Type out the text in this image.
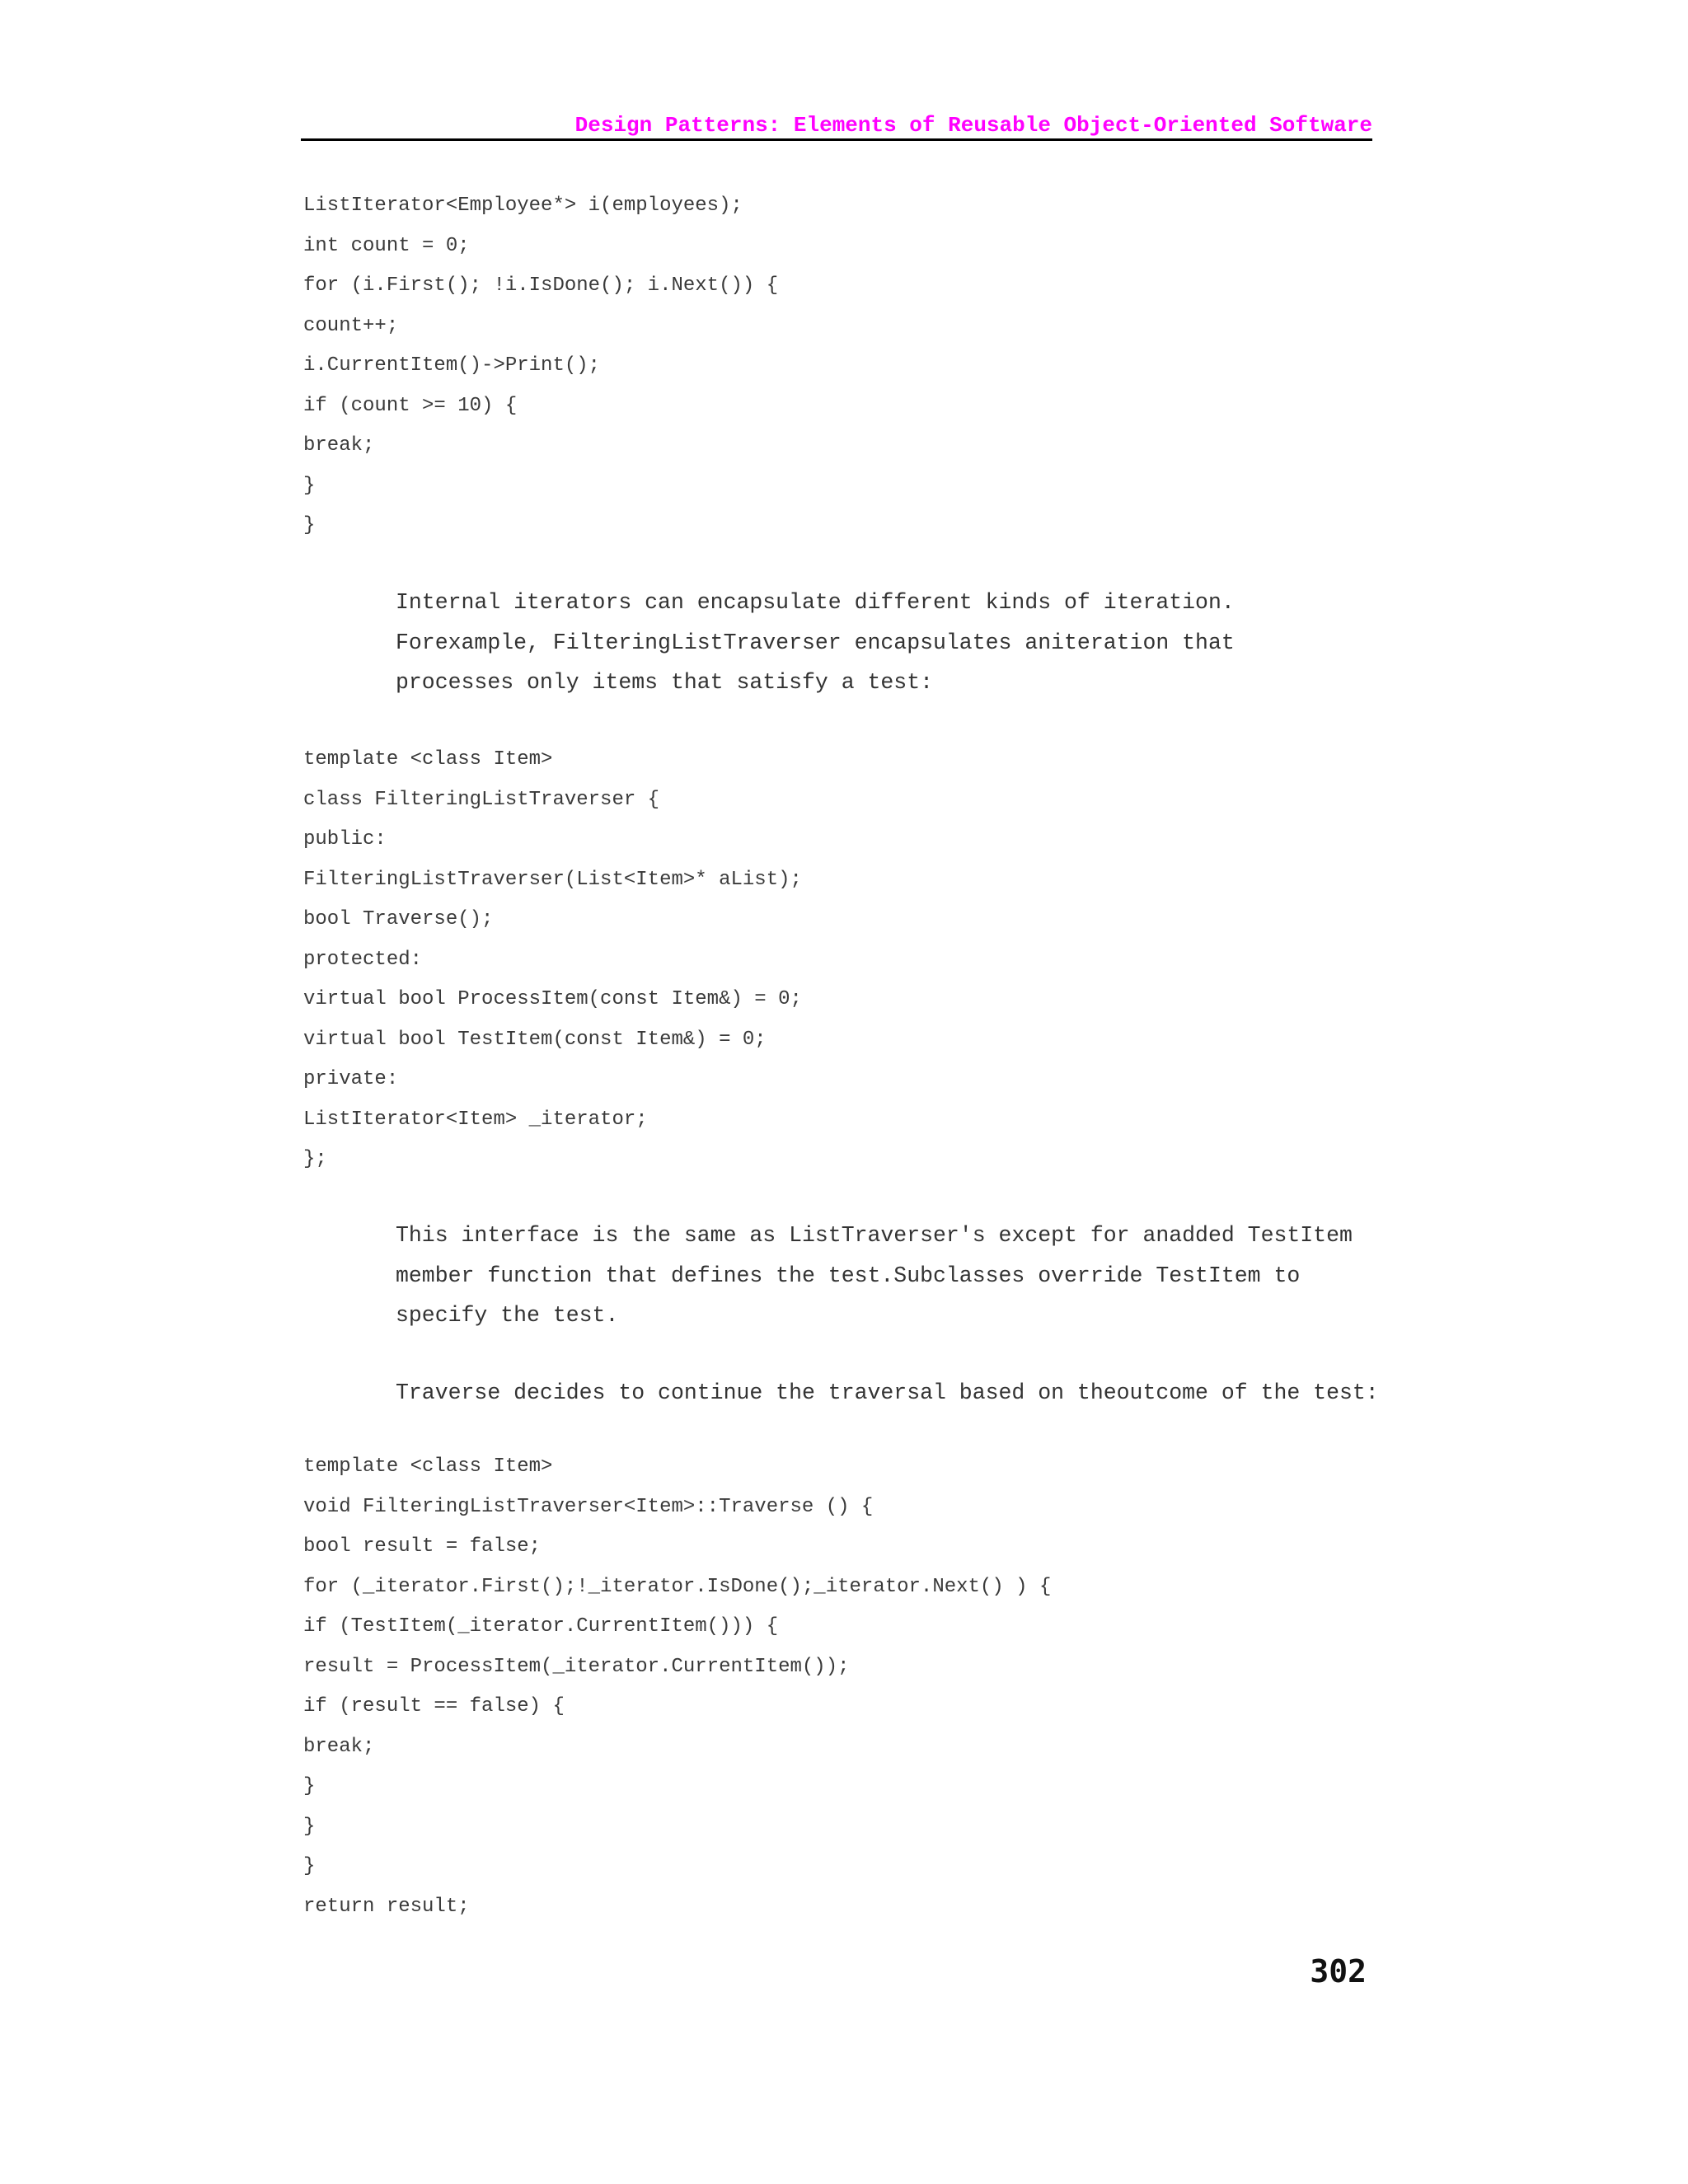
Design Patterns: Elements of Reusable Object-Oriented Software
ListIterator<Employee*> i(employees);
int count = 0;
for (i.First(); !i.IsDone(); i.Next()) {
count++;
i.CurrentItem()->Print();
if (count >= 10) {
break;
}
}
Internal iterators can encapsulate different kinds of iteration.
Forexample, FilteringListTraverser encapsulates aniteration that
processes only items that satisfy a test:
template <class Item>
class FilteringListTraverser {
public:
FilteringListTraverser(List<Item>* aList);
bool Traverse();
protected:
virtual bool ProcessItem(const Item&) = 0;
virtual bool TestItem(const Item&) = 0;
private:
ListIterator<Item> _iterator;
};
This interface is the same as ListTraverser's except for anadded TestItem
member function that defines the test.Subclasses override TestItem to
specify the test.
Traverse decides to continue the traversal based on theoutcome of the test:
template <class Item>
void FilteringListTraverser<Item>::Traverse () {
bool result = false;
for (_iterator.First();!_iterator.IsDone();_iterator.Next() ) {
if (TestItem(_iterator.CurrentItem())) {
result = ProcessItem(_iterator.CurrentItem());
if (result == false) {
break;
}
}
}
return result;
302
